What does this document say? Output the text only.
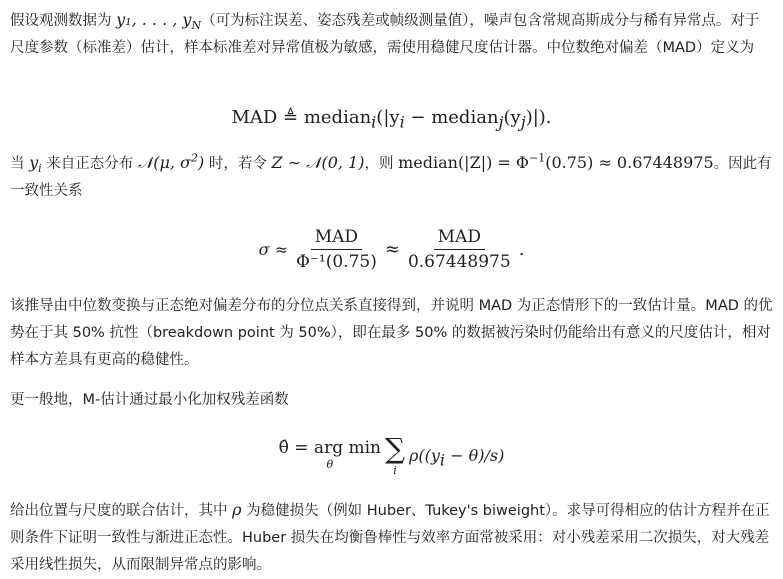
假设观测数据为 y₁, . . . , $y_N$（可为标注误差、姿态残差或帧级测量值），噪声包含常规高斯成分与稀有异常点。对于尺度参数（标准差）估计，样本标准差对异常值极为敏感，需使用稳健尺度估计器。中位数绝对偏差（MAD）定义为

MAD ≜ $median_i(|y_i$ − $median_j(y_j)|$).

当 $y_i$ 来自正态分布 𝒩(μ, $\sigma^2$) 时，若令 Z ∼ 𝒩(0, 1)，则 median(|Z|) = $\Phi^{-1}(0.75) \approx 0.67448975$。因此有一致性关系

$\sigma \approx \frac{\text{MAD}}{\text{Φ⁻¹(0.75)}} \approx \frac{\text{MAD}}{0.67448975}$ .

该推导由中位数变换与正态绝对偏差分布的分位点关系直接得到，并说明 MAD 为正态情形下的一致估计量。MAD 的优势在于其 50% 抗性（breakdown point 为 50%），即在最多 50% 的数据被污染时仍能给出有意义的尺度估计，相对样本方差具有更高的稳健性。

更一般地，M-估计通过最小化加权残差函数

θ̂ = arg min
θ ∑
i
$\rho((y_i - \theta)/s)$

给出位置与尺度的联合估计，其中 ρ 为稳健损失（例如 Huber、Tukey's biweight）。求导可得相应的估计方程并在正则条件下证明一致性与渐进正态性。Huber 损失在均衡鲁棒性与效率方面常被采用：对小残差采用二次损失，对大残差采用线性损失，从而限制异常点的影响。
